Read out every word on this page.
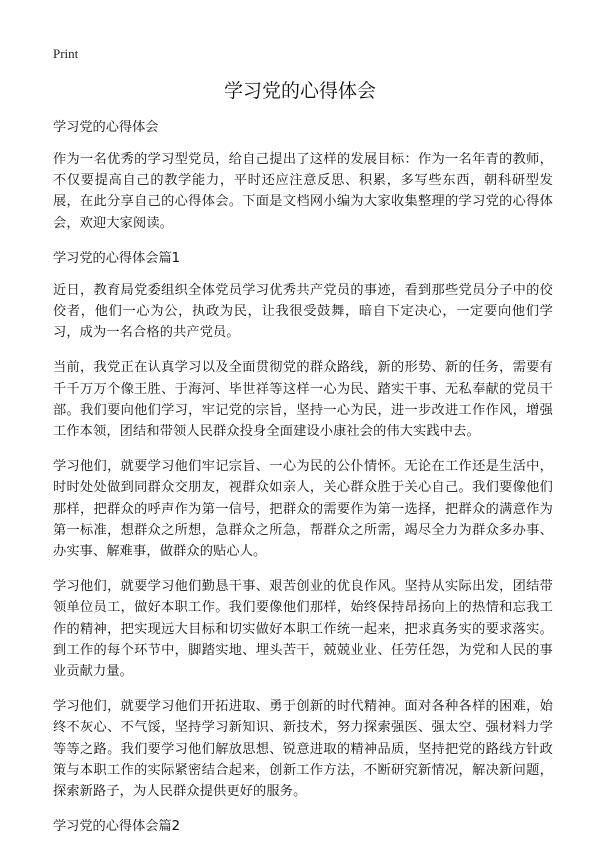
Print
学习党的心得体会
学习党的心得体会

作为一名优秀的学习型党员，给自己提出了这样的发展目标：作为一名年青的教师，不仅要提高自己的教学能力，平时还应注意反思、积累，多写些东西，朝科研型发展，在此分享自己的心得体会。下面是文档网小编为大家收集整理的学习党的心得体会，欢迎大家阅读。

学习党的心得体会篇1

近日，教育局党委组织全体党员学习优秀共产党员的事迹，看到那些党员分子中的佼佼者，他们一心为公，执政为民，让我很受鼓舞，暗自下定决心，一定要向他们学习，成为一名合格的共产党员。

当前，我党正在认真学习以及全面贯彻党的群众路线，新的形势、新的任务，需要有千千万万个像王胜、于海河、毕世祥等这样一心为民、踏实干事、无私奉献的党员干部。我们要向他们学习，牢记党的宗旨，坚持一心为民，进一步改进工作作风，增强工作本领，团结和带领人民群众投身全面建设小康社会的伟大实践中去。

学习他们，就要学习他们牢记宗旨、一心为民的公仆情怀。无论在工作还是生活中，时时处处做到同群众交朋友，视群众如亲人，关心群众胜于关心自己。我们要像他们那样，把群众的呼声作为第一信号，把群众的需要作为第一选择，把群众的满意作为第一标准，想群众之所想，急群众之所急，帮群众之所需，竭尽全力为群众多办事、办实事、解难事，做群众的贴心人。

学习他们，就要学习他们勤恳干事、艰苦创业的优良作风。坚持从实际出发，团结带领单位员工，做好本职工作。我们要像他们那样，始终保持昂扬向上的热情和忘我工作的精神，把实现远大目标和切实做好本职工作统一起来，把求真务实的要求落实。到工作的每个环节中，脚踏实地、埋头苦干，兢兢业业、任劳任怨，为党和人民的事业贡献力量。

学习他们，就要学习他们开拓进取、勇于创新的时代精神。面对各种各样的困难，始终不灰心、不气馁，坚持学习新知识、新技术，努力探索强医、强太空、强材料力学等等之路。我们要学习他们解放思想、锐意进取的精神品质，坚持把党的路线方针政策与本职工作的实际紧密结合起来，创新工作方法，不断研究新情况，解决新问题，探索新路子，为人民群众提供更好的服务。

学习党的心得体会篇2
